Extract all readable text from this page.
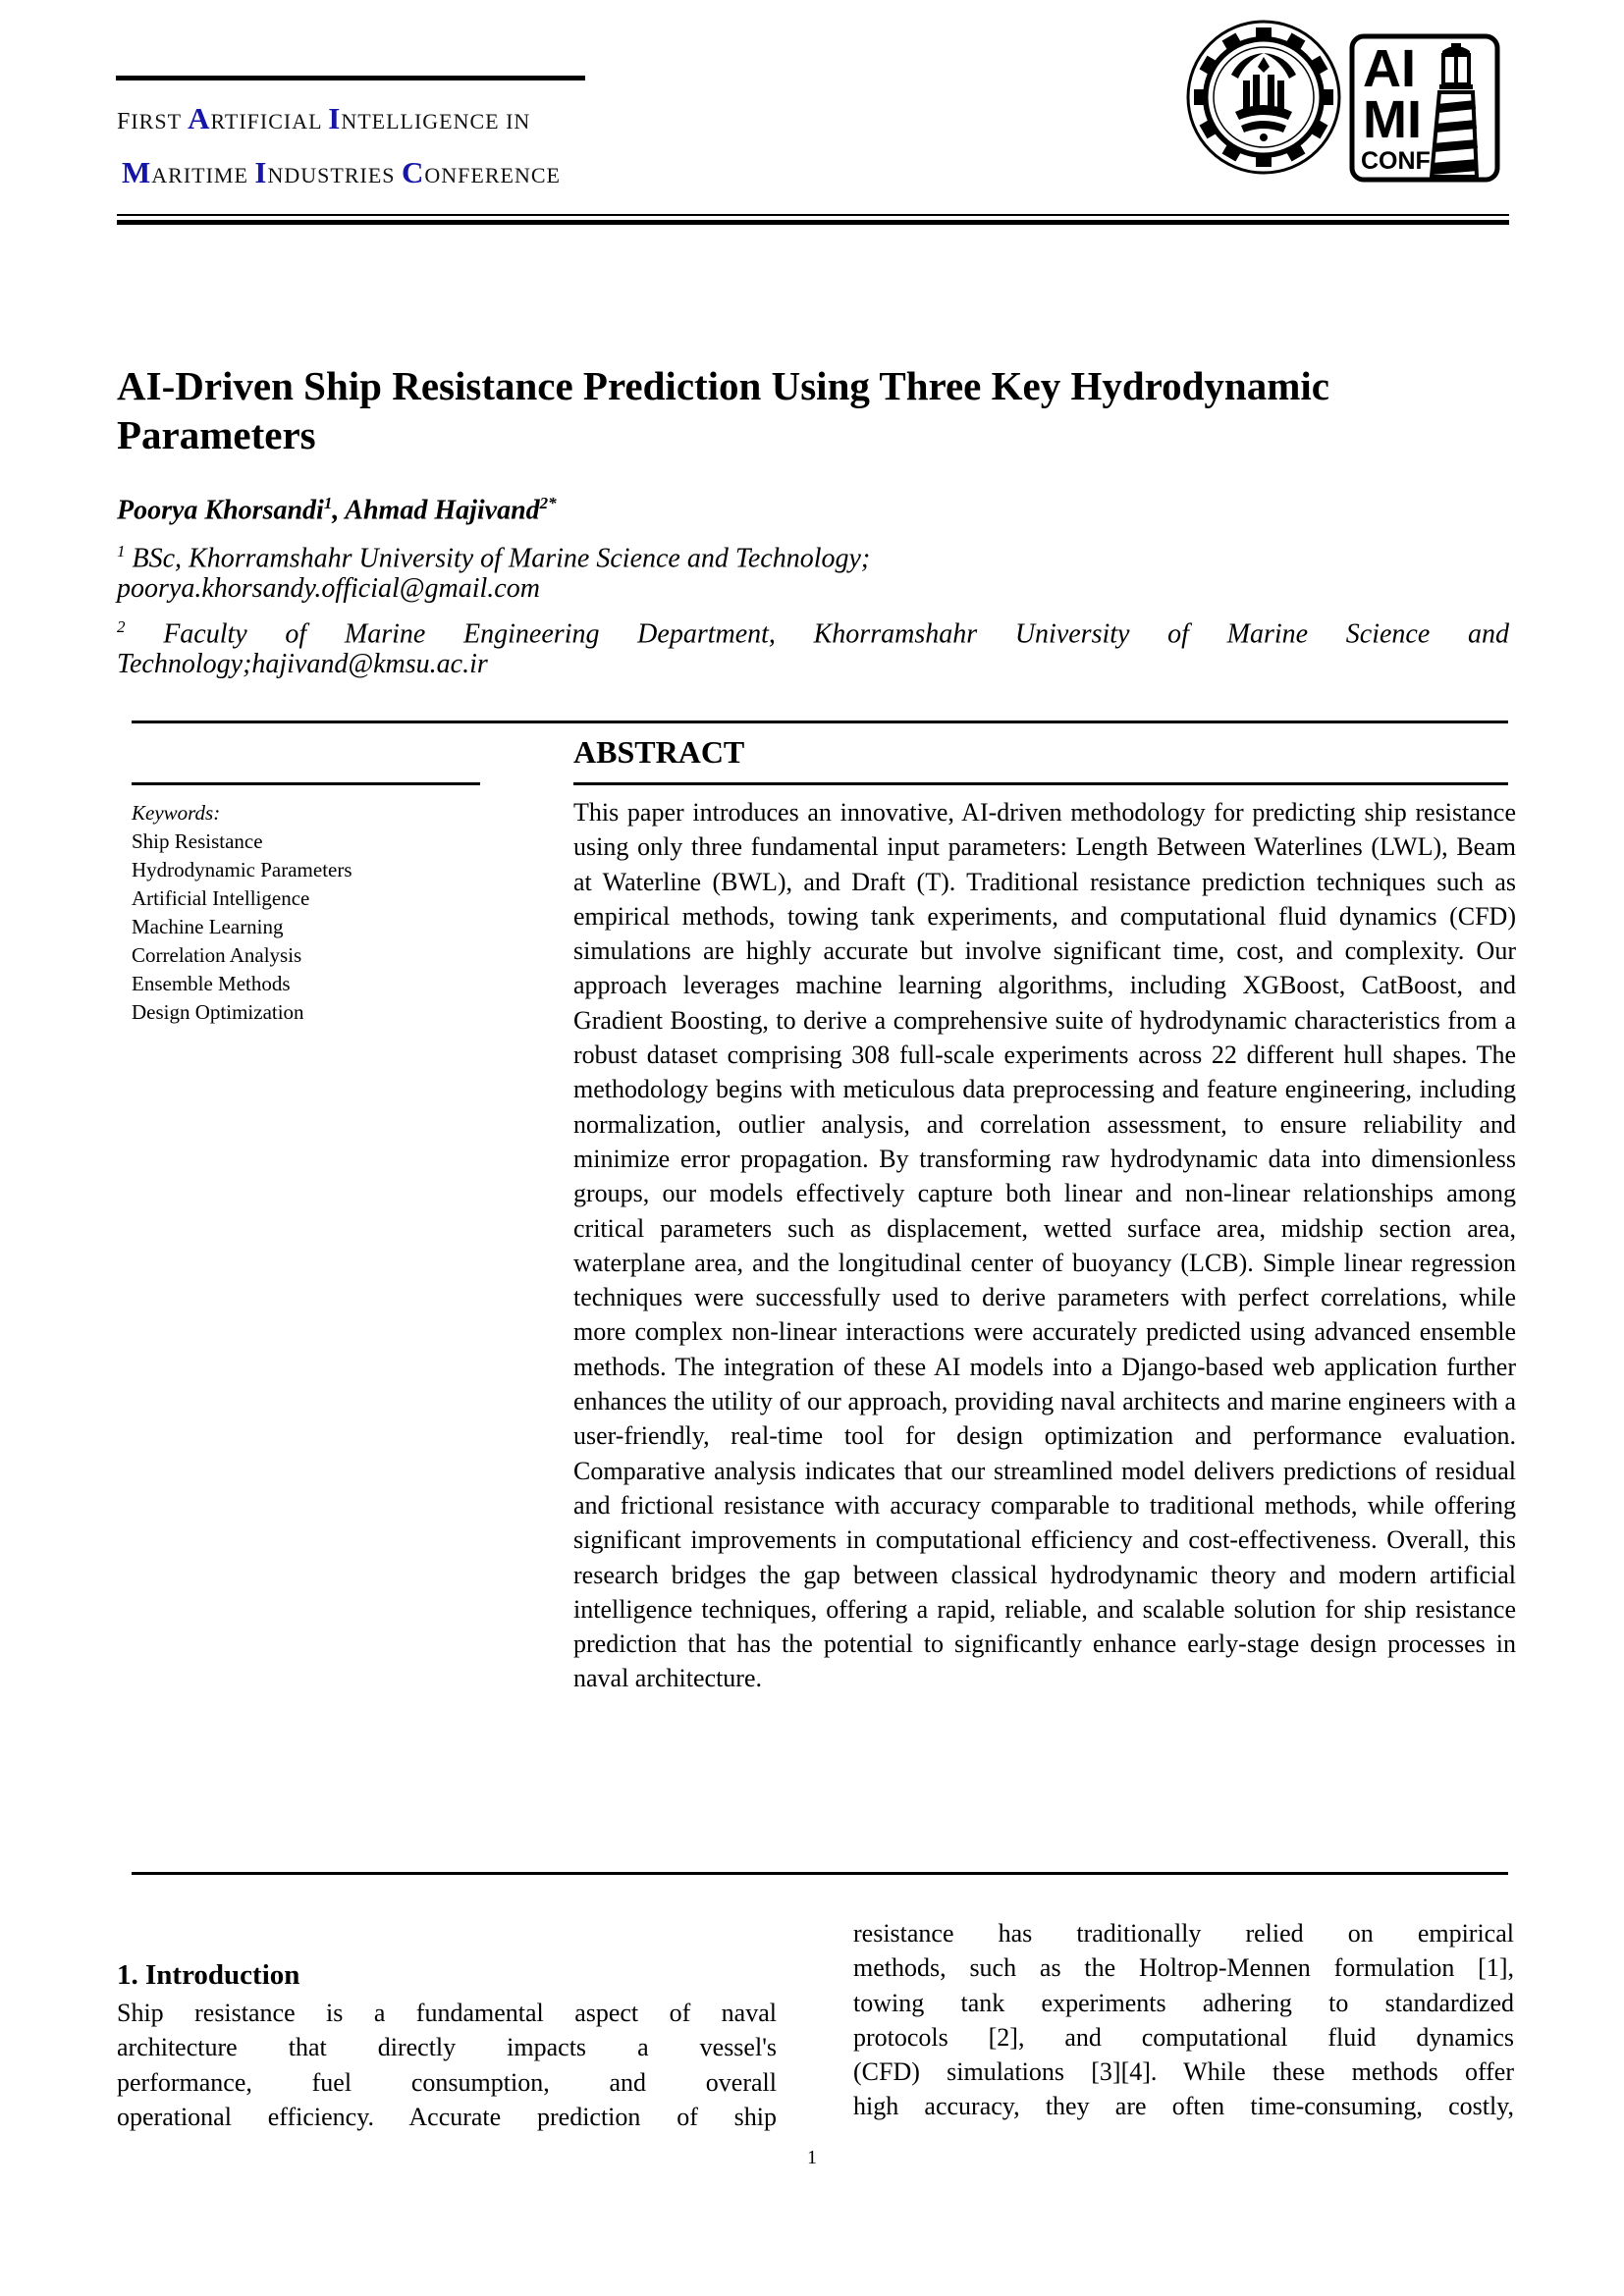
FIRST ARTIFICIAL INTELLIGENCE IN
MARITIME INDUSTRIES CONFERENCE
AI
MI
CONF
AI-Driven Ship Resistance Prediction Using Three Key Hydrodynamic Parameters
Poorya Khorsandi$^1$, Ahmad Hajivand$^{2*}$
$^1$ BSc, Khorramshahr University of Marine Science and Technology;
poorya.khorsandy.official@gmail.com
$^2$ Faculty of Marine Engineering Department, Khorramshahr University of Marine Science and
Technology;hajivand@kmsu.ac.ir
ABSTRACT
Keywords:
Ship Resistance
Hydrodynamic Parameters
Artificial Intelligence
Machine Learning
Correlation Analysis
Ensemble Methods
Design Optimization
This paper introduces an innovative, AI-driven methodology for predicting ship resistance using only three fundamental input parameters: Length Between Waterlines (LWL), Beam at Waterline (BWL), and Draft (T). Traditional resistance prediction techniques such as empirical methods, towing tank experiments, and computational fluid dynamics (CFD) simulations are highly accurate but involve significant time, cost, and complexity. Our approach leverages machine learning algorithms, including XGBoost, CatBoost, and Gradient Boosting, to derive a comprehensive suite of hydrodynamic characteristics from a robust dataset comprising 308 full-scale experiments across 22 different hull shapes. The methodology begins with meticulous data preprocessing and feature engineering, including normalization, outlier analysis, and correlation assessment, to ensure reliability and minimize error propagation. By transforming raw hydrodynamic data into dimensionless groups, our models effectively capture both linear and non-linear relationships among critical parameters such as displacement, wetted surface area, midship section area, waterplane area, and the longitudinal center of buoyancy (LCB). Simple linear regression techniques were successfully used to derive parameters with perfect correlations, while more complex non-linear interactions were accurately predicted using advanced ensemble methods. The integration of these AI models into a Django-based web application further enhances the utility of our approach, providing naval architects and marine engineers with a user-friendly, real-time tool for design optimization and performance evaluation. Comparative analysis indicates that our streamlined model delivers predictions of residual and frictional resistance with accuracy comparable to traditional methods, while offering significant improvements in computational efficiency and cost-effectiveness. Overall, this research bridges the gap between classical hydrodynamic theory and modern artificial intelligence techniques, offering a rapid, reliable, and scalable solution for ship resistance prediction that has the potential to significantly enhance early-stage design processes in naval architecture.
1. Introduction
Ship resistance is a fundamental aspect of naval
architecture that directly impacts a vessel's
performance, fuel consumption, and overall
operational efficiency. Accurate prediction of ship
resistance has traditionally relied on empirical
methods, such as the Holtrop-Mennen formulation [1],
towing tank experiments adhering to standardized
protocols [2], and computational fluid dynamics
(CFD) simulations [3][4]. While these methods offer
high accuracy, they are often time-consuming, costly,
1
